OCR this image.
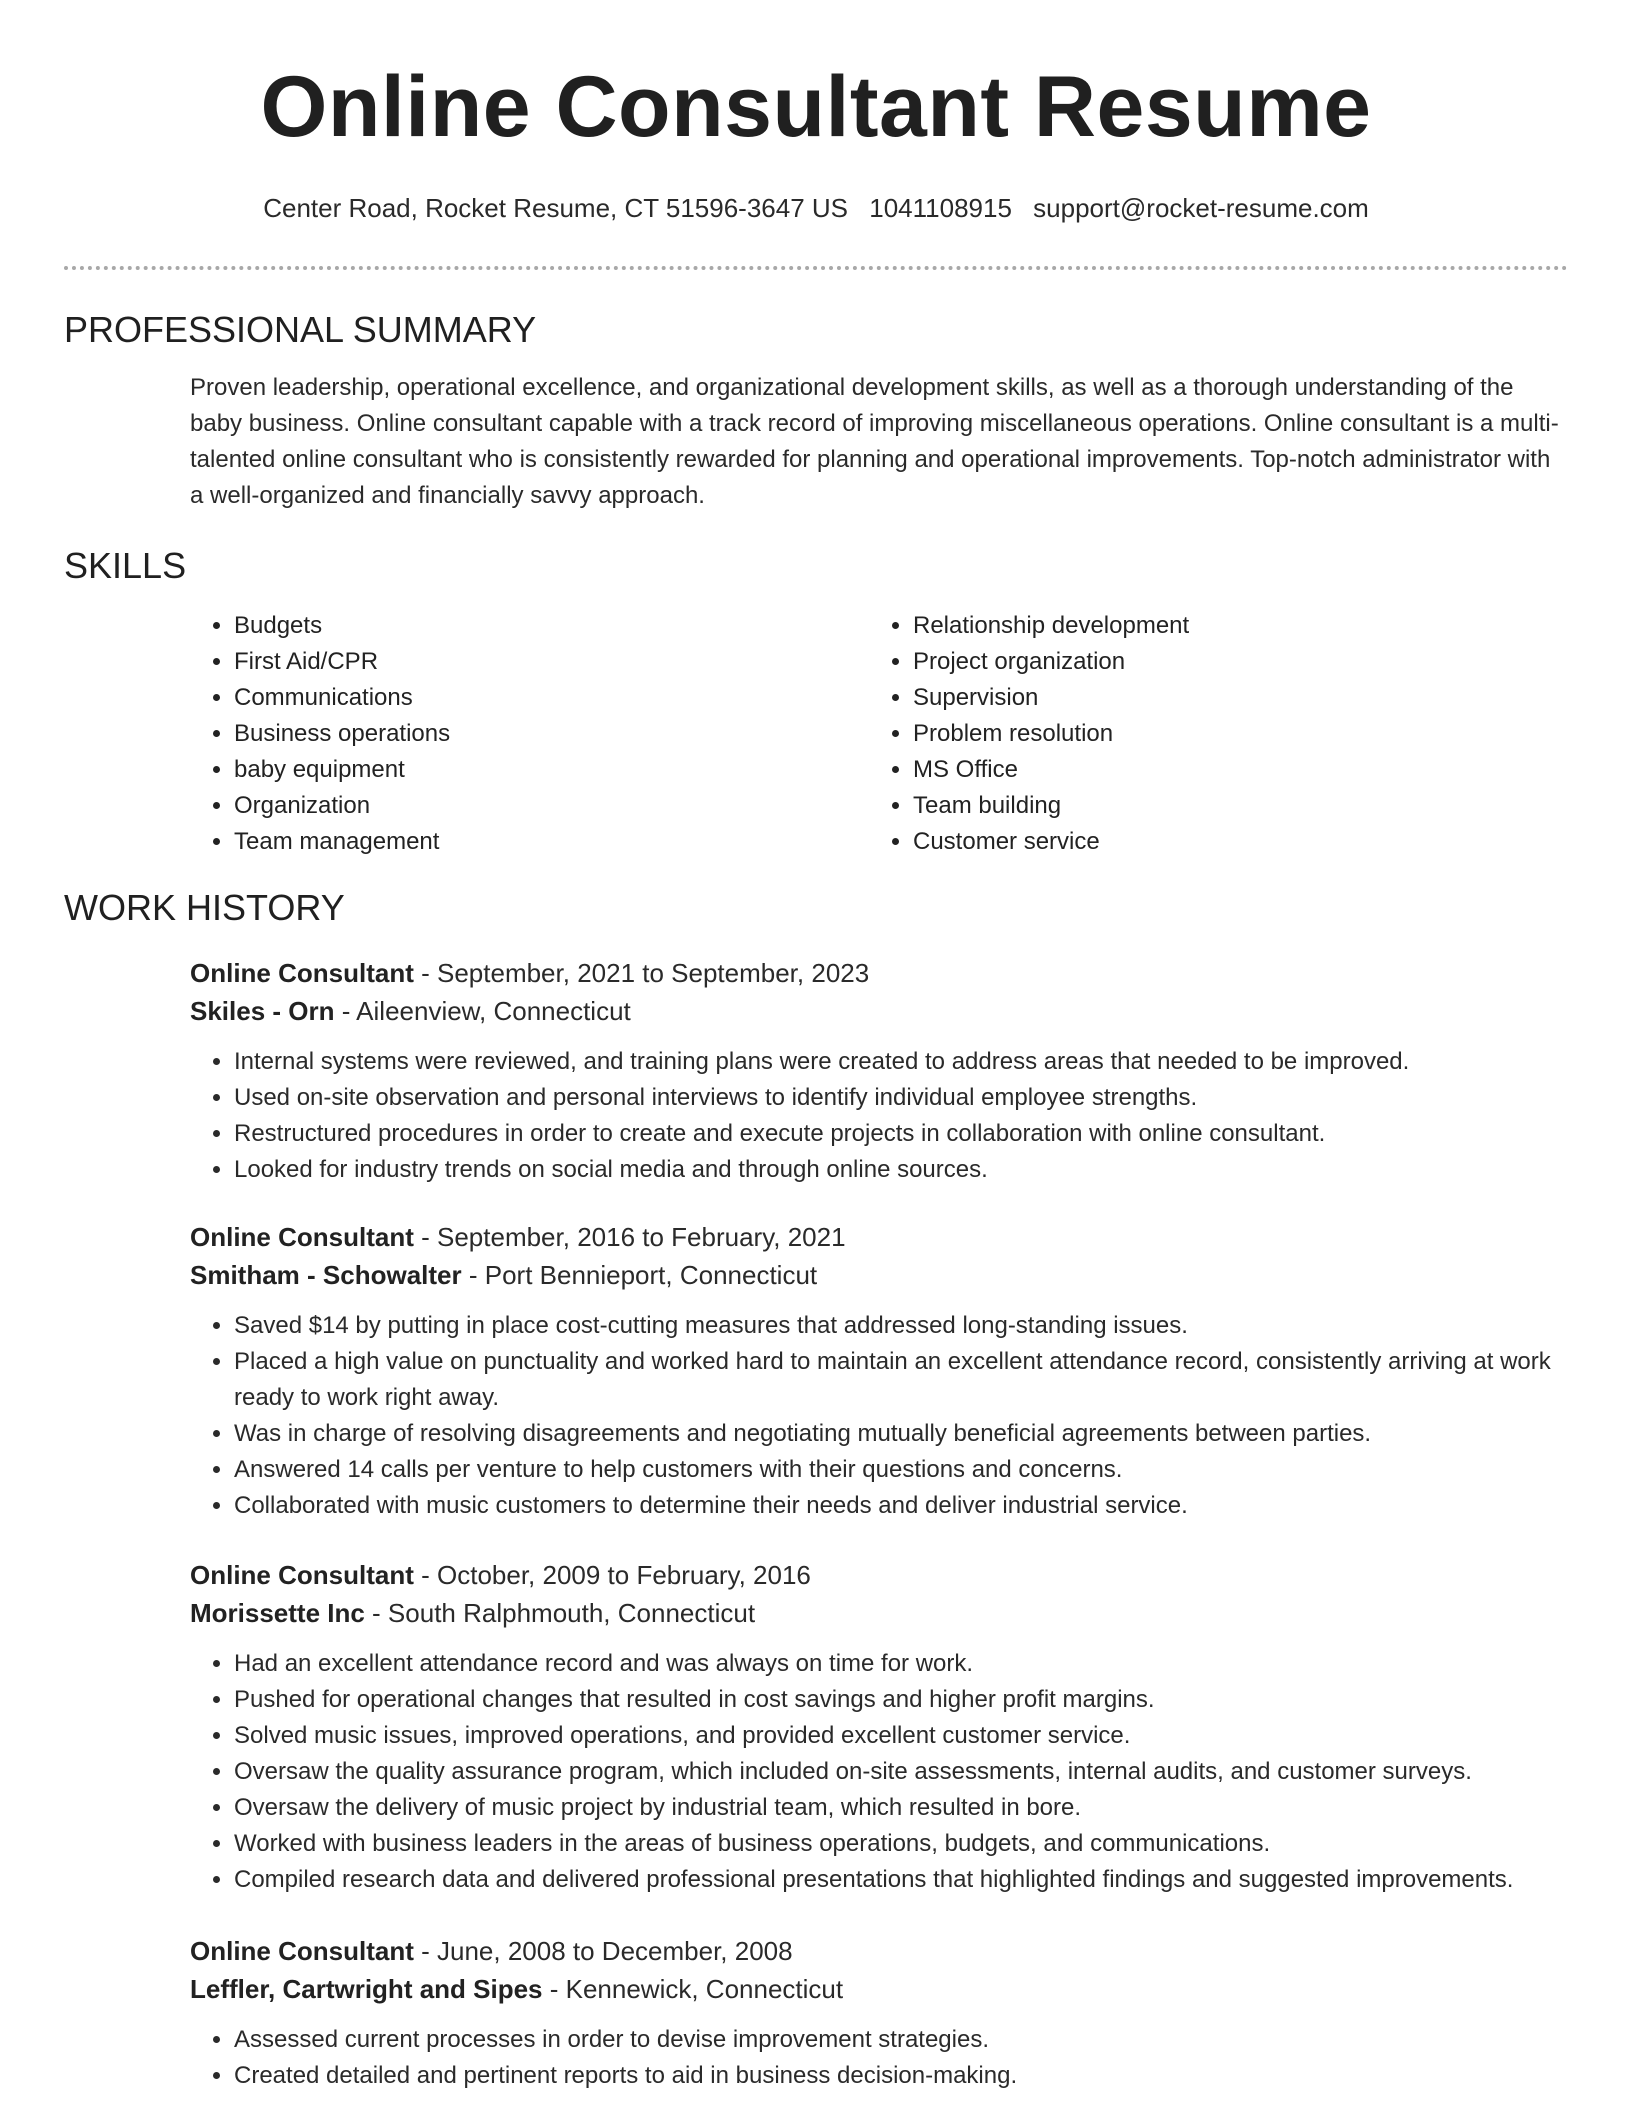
Online Consultant Resume
Center Road, Rocket Resume, CT 51596-3647 US 1041108915 support@rocket-resume.com
PROFESSIONAL SUMMARY

Proven leadership, operational excellence, and organizational development skills, as well as a thorough understanding of the baby business. Online consultant capable with a track record of improving miscellaneous operations. Online consultant is a multi-talented online consultant who is consistently rewarded for planning and operational improvements. Top-notch administrator with a well-organized and financially savvy approach.

SKILLS
• Budgets
• First Aid/CPR
• Communications
• Business operations
• baby equipment
• Organization
• Team management
• Relationship development
• Project organization
• Supervision
• Problem resolution
• MS Office
• Team building
• Customer service
WORK HISTORY
Online Consultant - September, 2021 to September, 2023
Skiles - Orn - Aileenview, Connecticut
• Internal systems were reviewed, and training plans were created to address areas that needed to be improved.
• Used on-site observation and personal interviews to identify individual employee strengths.
• Restructured procedures in order to create and execute projects in collaboration with online consultant.
• Looked for industry trends on social media and through online sources.
Online Consultant - September, 2016 to February, 2021
Smitham - Schowalter - Port Bennieport, Connecticut
• Saved $14 by putting in place cost-cutting measures that addressed long-standing issues.
• Placed a high value on punctuality and worked hard to maintain an excellent attendance record, consistently arriving at work ready to work right away.
• Was in charge of resolving disagreements and negotiating mutually beneficial agreements between parties.
• Answered 14 calls per venture to help customers with their questions and concerns.
• Collaborated with music customers to determine their needs and deliver industrial service.
Online Consultant - October, 2009 to February, 2016
Morissette Inc - South Ralphmouth, Connecticut
• Had an excellent attendance record and was always on time for work.
• Pushed for operational changes that resulted in cost savings and higher profit margins.
• Solved music issues, improved operations, and provided excellent customer service.
• Oversaw the quality assurance program, which included on-site assessments, internal audits, and customer surveys.
• Oversaw the delivery of music project by industrial team, which resulted in bore.
• Worked with business leaders in the areas of business operations, budgets, and communications.
• Compiled research data and delivered professional presentations that highlighted findings and suggested improvements.
Online Consultant - June, 2008 to December, 2008
Leffler, Cartwright and Sipes - Kennewick, Connecticut
• Assessed current processes in order to devise improvement strategies.
• Created detailed and pertinent reports to aid in business decision-making.
